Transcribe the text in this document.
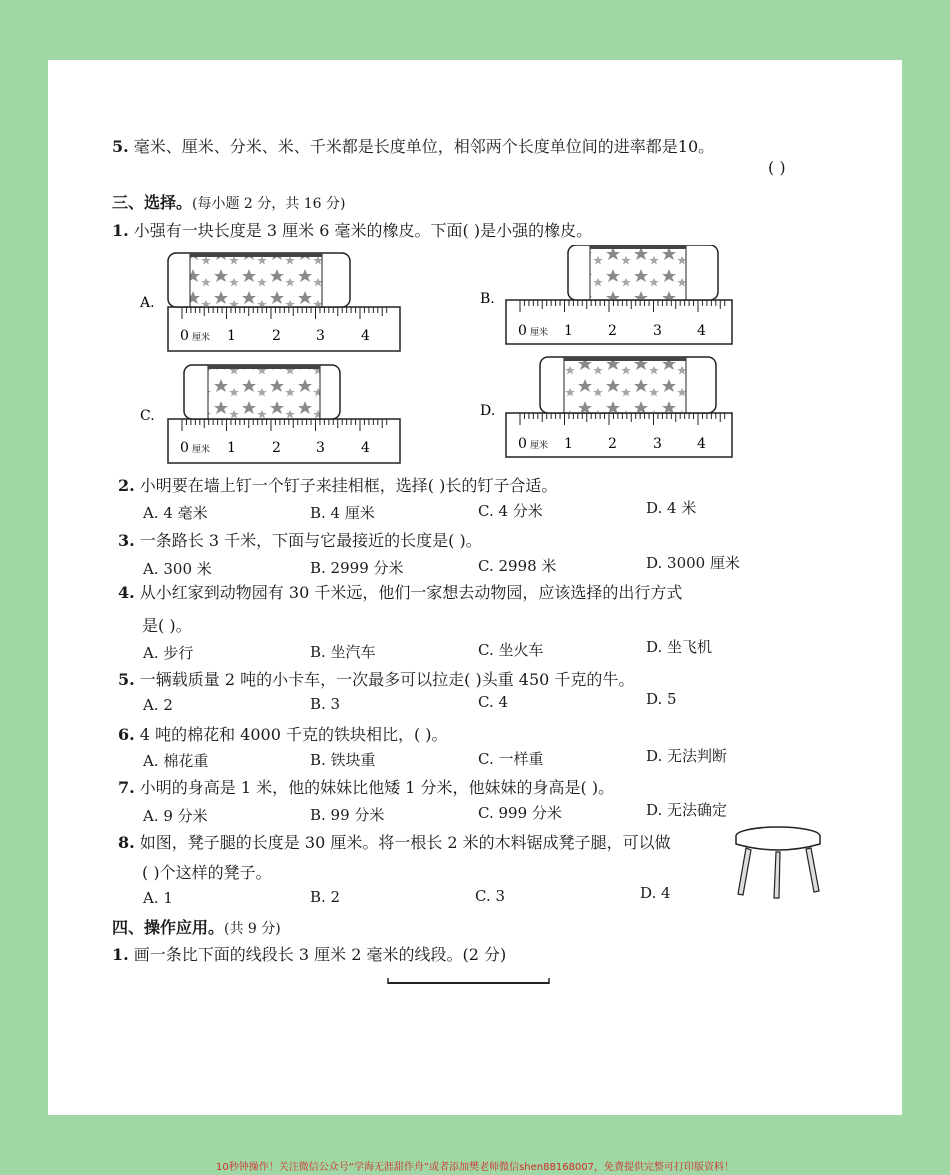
5. 毫米、厘米、分米、米、千米都是长度单位，相邻两个长度单位间的进率都是10。
( )
三、选择。(每小题 2 分，共 16 分)
1. 小强有一块长度是 3 厘米 6 毫米的橡皮。下面( )是小强的橡皮。
A.
0 厘米 1	2	3	4
B.
0 厘米 1	2	3	4
C.
0 厘米 1	2	3	4
D.
0 厘米 1	2	3	4
2. 小明要在墙上钉一个钉子来挂相框，选择( )长的钉子合适。
A. 4 毫米	B. 4 厘米	C. 4 分米	D. 4 米
3. 一条路长 3 千米，下面与它最接近的长度是( )。
A. 300 米	B. 2999 分米	C. 2998 米	D. 3000 厘米
4. 从小红家到动物园有 30 千米远，他们一家想去动物园，应该选择的出行方式
是( )。
A. 步行	B. 坐汽车	C. 坐火车	D. 坐飞机
5. 一辆载质量 2 吨的小卡车，一次最多可以拉走( )头重 450 千克的牛。
A. 2	B. 3	C. 4	D. 5
6. 4 吨的棉花和 4000 千克的铁块相比，( )。
A. 棉花重	B. 铁块重	C. 一样重	D. 无法判断
7. 小明的身高是 1 米，他的妹妹比他矮 1 分米，他妹妹的身高是( )。
A. 9 分米	B. 99 分米	C. 999 分米	D. 无法确定
8. 如图，凳子腿的长度是 30 厘米。将一根长 2 米的木料锯成凳子腿，可以做
( )个这样的凳子。
A. 1	B. 2	C. 3	D. 4
四、操作应用。(共 9 分)
1. 画一条比下面的线段长 3 厘米 2 毫米的线段。(2 分)
10秒钟操作！关注微信公众号“学海无涯甜作舟”或者添加樊老师微信shen88168007，免费提供完整可打印版资料！
